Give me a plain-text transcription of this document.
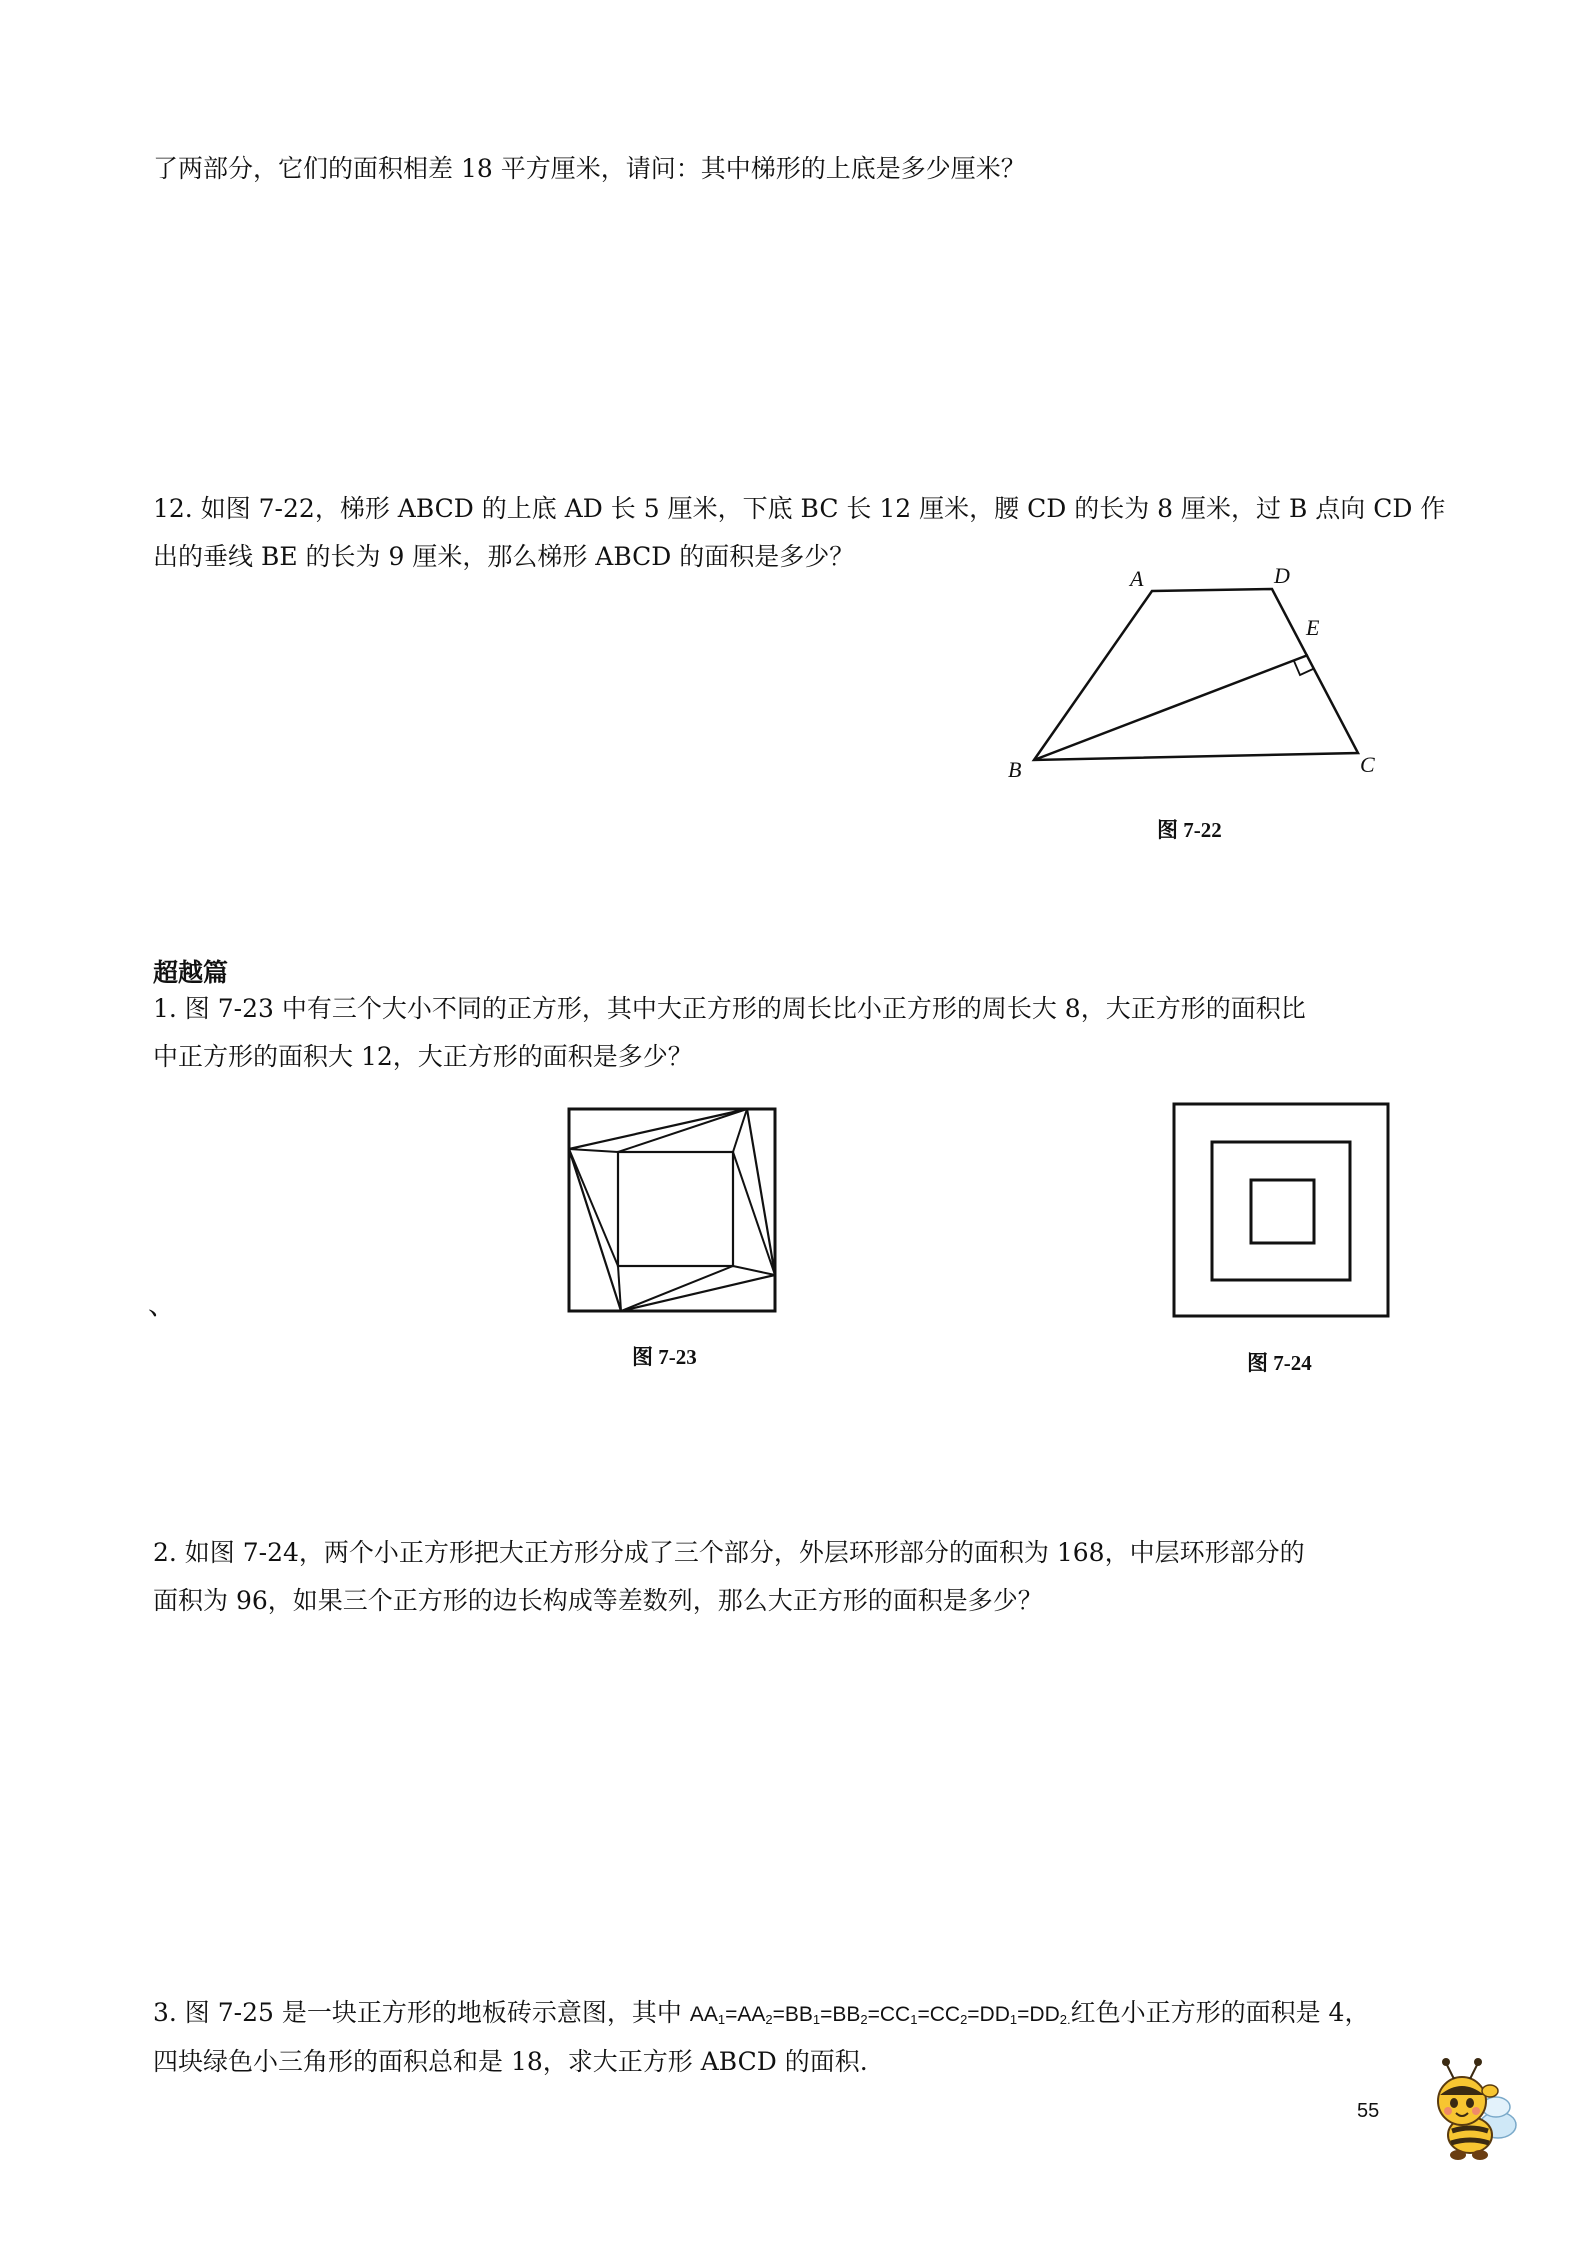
了两部分，它们的面积相差 18 平方厘米，请问：其中梯形的上底是多少厘米？
12. 如图 7-22，梯形 ABCD 的上底 AD 长 5 厘米，下底 BC 长 12 厘米，腰 CD 的长为 8 厘米，过 B 点向 CD 作
出的垂线 BE 的长为 9 厘米，那么梯形 ABCD 的面积是多少？
A	D
E
B	C
图 7-22
超越篇
1. 图 7-23 中有三个大小不同的正方形，其中大正方形的周长比小正方形的周长大 8，大正方形的面积比
中正方形的面积大 12，大正方形的面积是多少？
图 7-23
、
图 7-24
2. 如图 7-24，两个小正方形把大正方形分成了三个部分，外层环形部分的面积为 168，中层环形部分的
面积为 96，如果三个正方形的边长构成等差数列，那么大正方形的面积是多少？
3. 图 7-25 是一块正方形的地板砖示意图，其中 $AA_1=AA_2=BB_1=BB_2=CC_1=CC_2=DD_1=DD_{2.}$红色小正方形的面积是 4，
四块绿色小三角形的面积总和是 18，求大正方形 ABCD 的面积.
55
